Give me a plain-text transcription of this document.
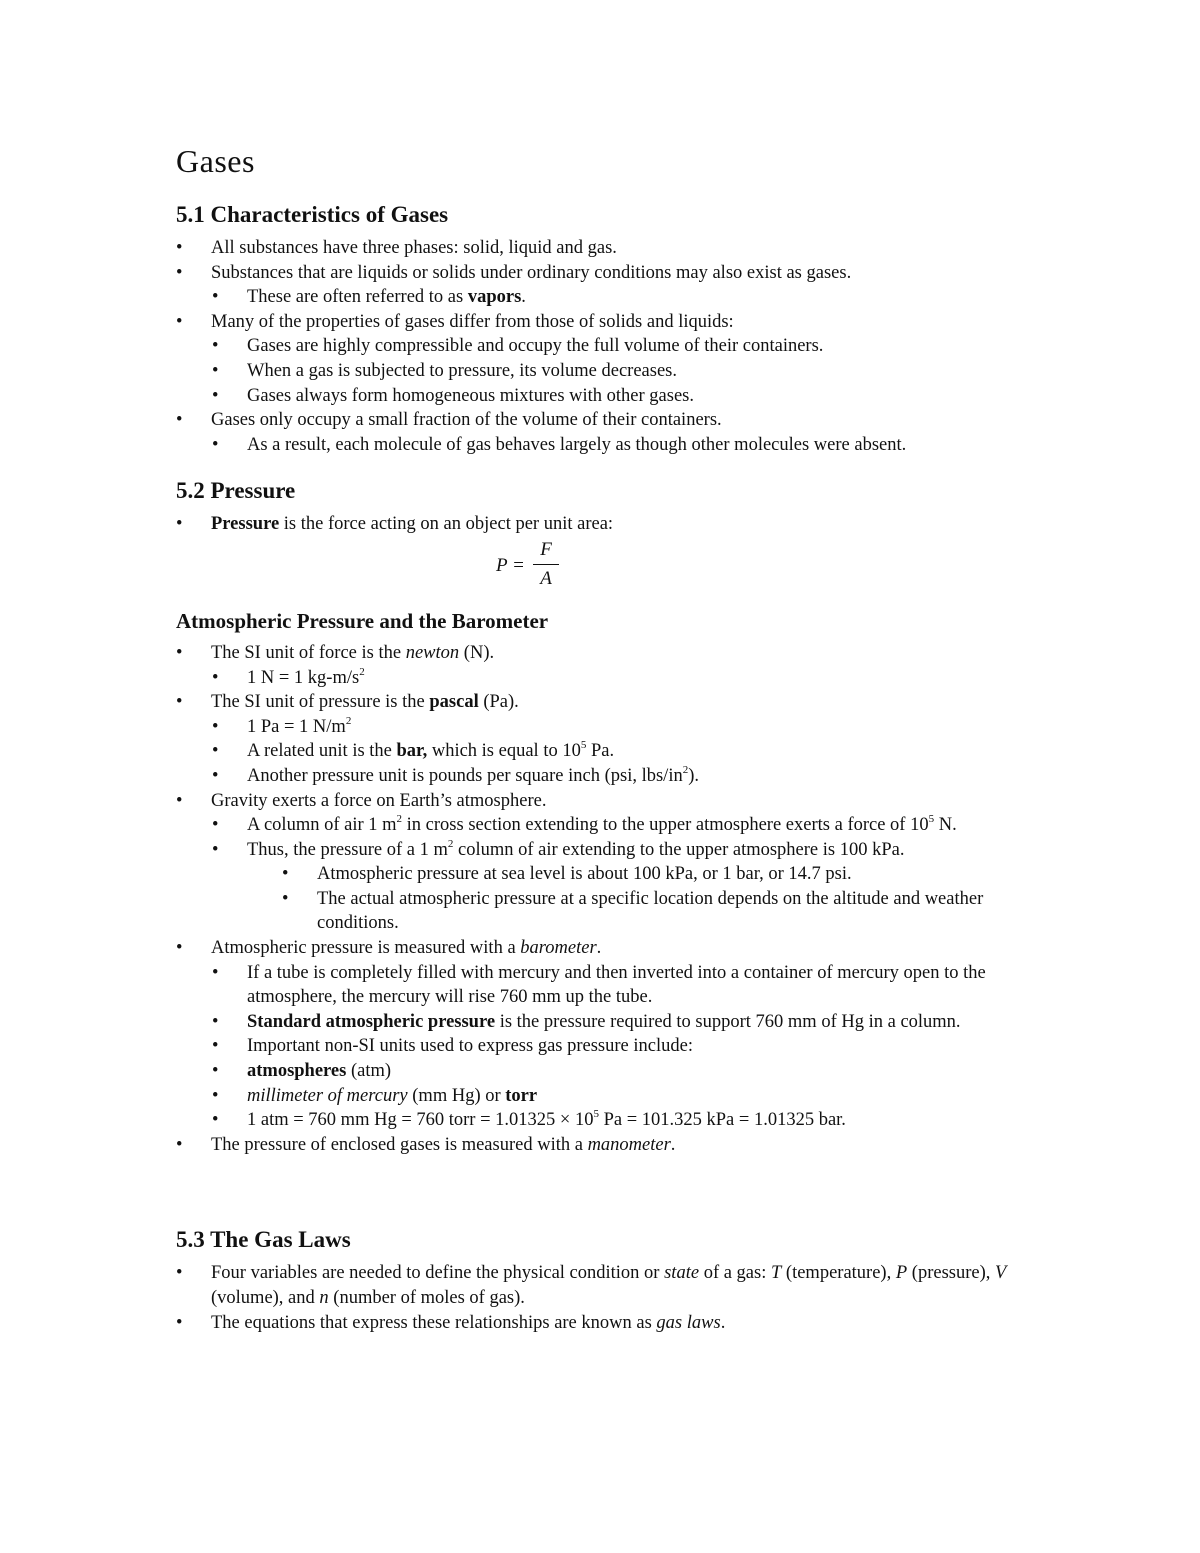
Gases
5.1 Characteristics of Gases
• All substances have three phases: solid, liquid and gas.
• Substances that are liquids or solids under ordinary conditions may also exist as gases.
• These are often referred to as vapors.
• Many of the properties of gases differ from those of solids and liquids:
• Gases are highly compressible and occupy the full volume of their containers.
• When a gas is subjected to pressure, its volume decreases.
• Gases always form homogeneous mixtures with other gases.
• Gases only occupy a small fraction of the volume of their containers.
• As a result, each molecule of gas behaves largely as though other molecules were absent.
5.2 Pressure
• Pressure is the force acting on an object per unit area:
P =
F
A
Atmospheric Pressure and the Barometer
• The SI unit of force is the newton (N).
• 1 N = 1 $kg-m/s^2$
• The SI unit of pressure is the pascal (Pa).
• 1 Pa = 1 $N/m^2$
• A related unit is the bar, which is equal to $10^5$ Pa.
• Another pressure unit is pounds per square inch (psi, lbs/$in^2$).
• Gravity exerts a force on Earth’s atmosphere.
• A column of air 1 $m^2$ in cross section extending to the upper atmosphere exerts a force of $10^5$ N.
• Thus, the pressure of a 1 $m^2$ column of air extending to the upper atmosphere is 100 kPa.
• Atmospheric pressure at sea level is about 100 kPa, or 1 bar, or 14.7 psi.
• The actual atmospheric pressure at a specific location depends on the altitude and weather conditions.
• Atmospheric pressure is measured with a barometer.
• If a tube is completely filled with mercury and then inverted into a container of mercury open to the atmosphere, the mercury will rise 760 mm up the tube.
• Standard atmospheric pressure is the pressure required to support 760 mm of Hg in a column.
• Important non-SI units used to express gas pressure include:
• atmospheres (atm)
• millimeter of mercury (mm Hg) or torr
• 1 atm = 760 mm Hg = 760 torr = $1.01325 \times 10^5$ Pa = 101.325 kPa = 1.01325 bar.
• The pressure of enclosed gases is measured with a manometer.
5.3 The Gas Laws
• Four variables are needed to define the physical condition or state of a gas: T (temperature), P (pressure), V (volume), and n (number of moles of gas).
• The equations that express these relationships are known as gas laws.
